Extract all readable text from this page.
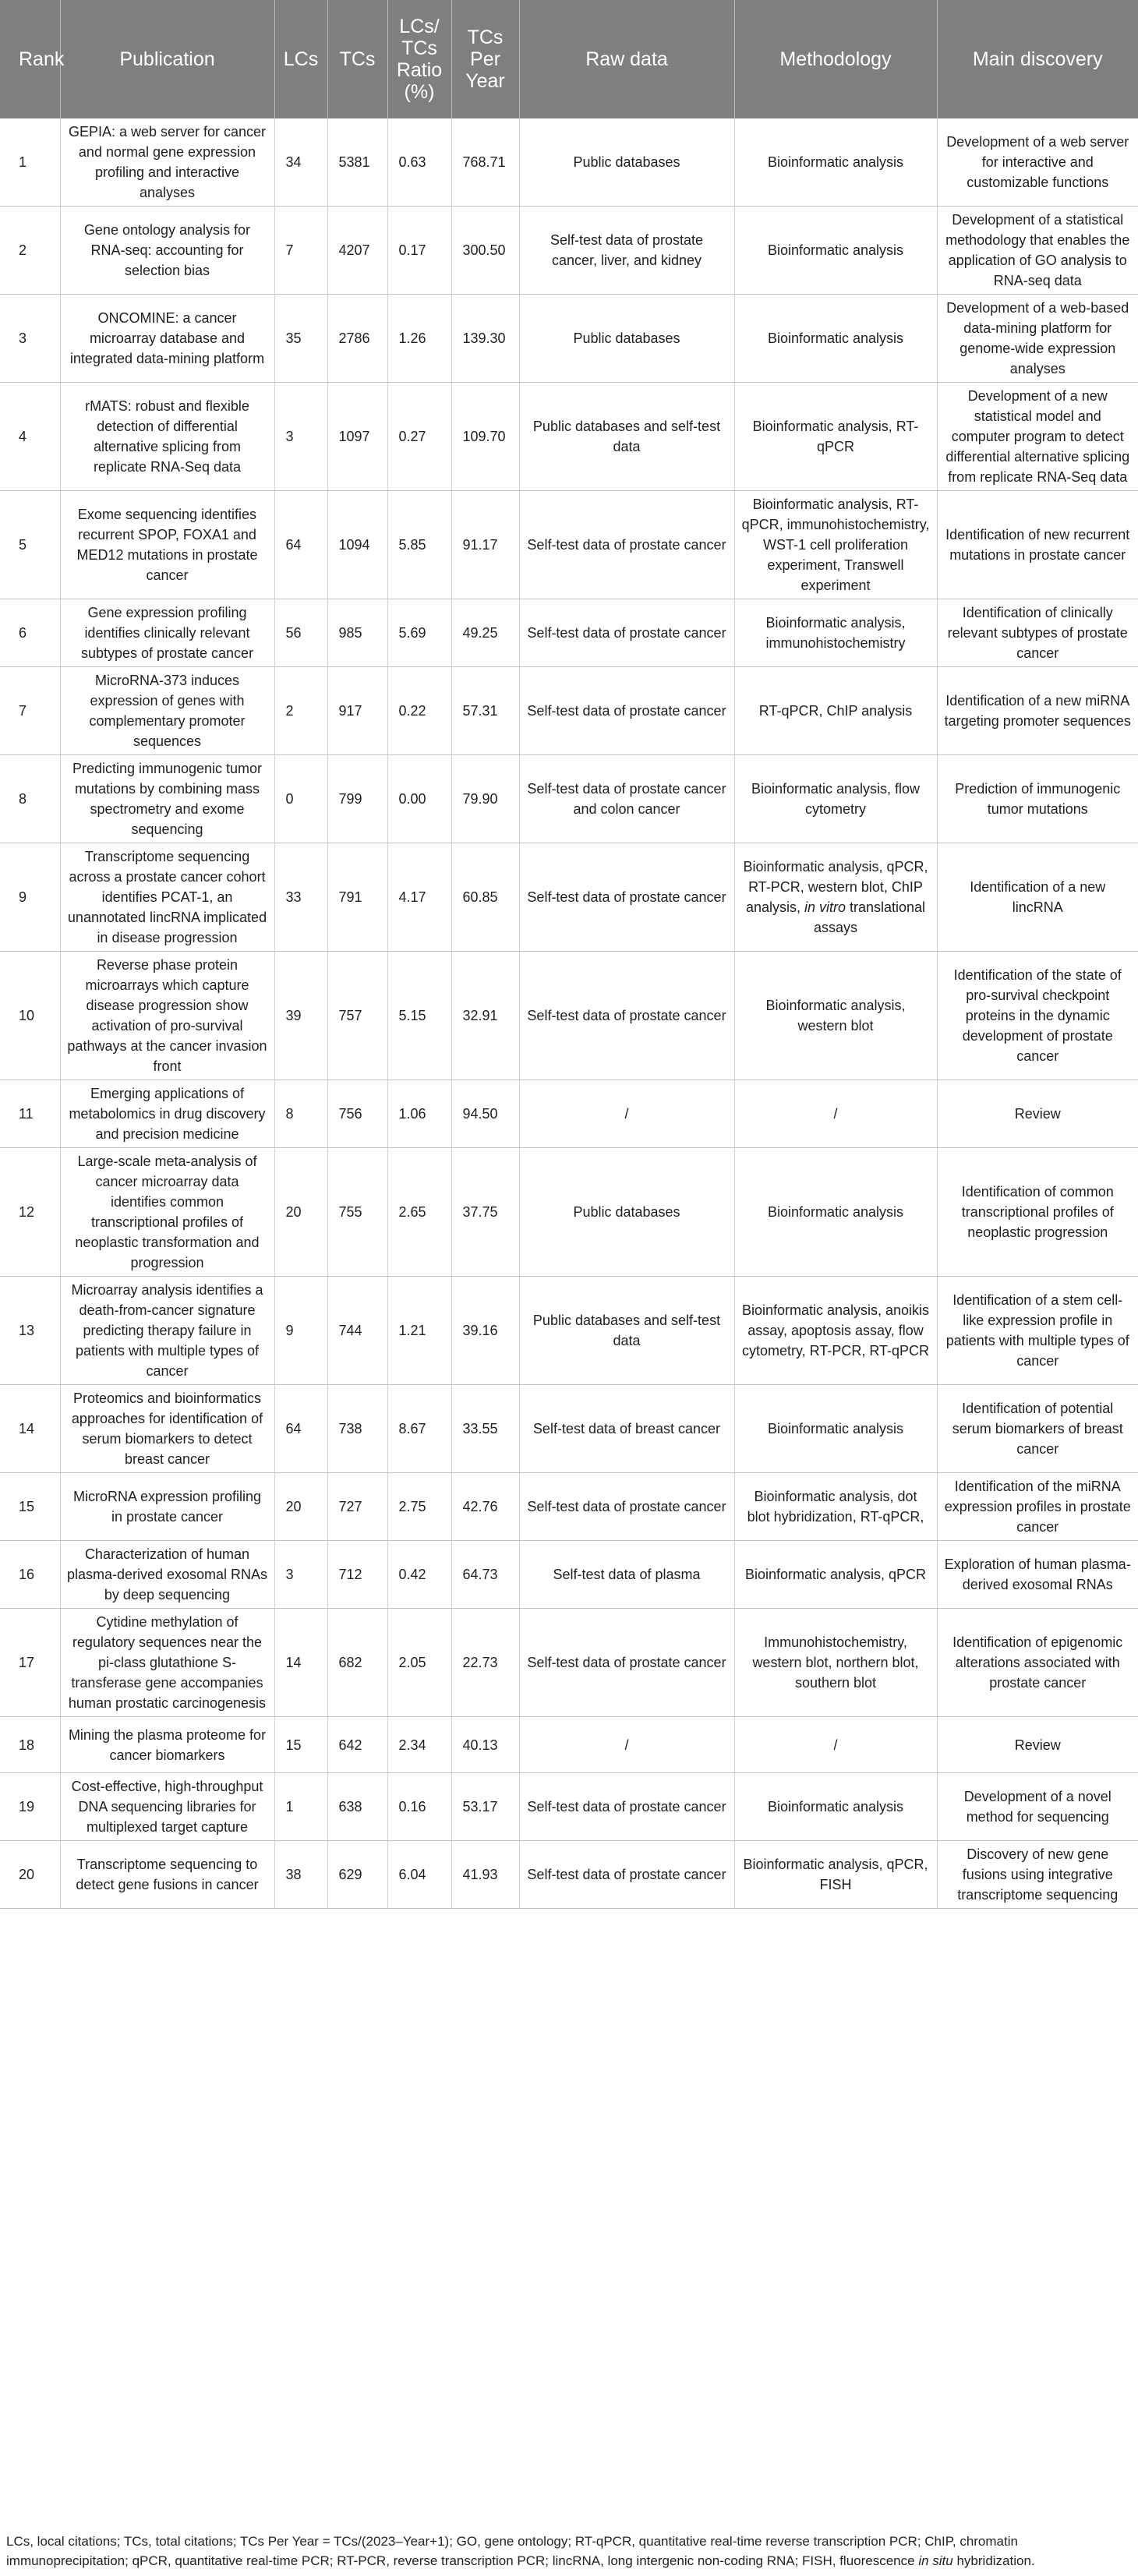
Rank	Publication	LCs	TCs	LCs/ TCs Ratio (%)	TCs Per Year	Raw data	Methodology	Main discovery
1	GEPIA: a web server for cancer and normal gene expression profiling and interactive analyses	34	5381	0.63	768.71	Public databases	Bioinformatic analysis	Development of a web server for interactive and customizable functions
2	Gene ontology analysis for RNA-seq: accounting for selection bias	7	4207	0.17	300.50	Self-test data of prostate cancer, liver, and kidney	Bioinformatic analysis	Development of a statistical methodology that enables the application of GO analysis to RNA-seq data
3	ONCOMINE: a cancer microarray database and integrated data-mining platform	35	2786	1.26	139.30	Public databases	Bioinformatic analysis	Development of a web-based data-mining platform for genome-wide expression analyses
4	rMATS: robust and flexible detection of differential alternative splicing from replicate RNA-Seq data	3	1097	0.27	109.70	Public databases and self-test data	Bioinformatic analysis, RT-qPCR	Development of a new statistical model and computer program to detect differential alternative splicing from replicate RNA-Seq data
5	Exome sequencing identifies recurrent SPOP, FOXA1 and MED12 mutations in prostate cancer	64	1094	5.85	91.17	Self-test data of prostate cancer	Bioinformatic analysis, RT-qPCR, immunohistochemistry, WST-1 cell proliferation experiment, Transwell experiment	Identification of new recurrent mutations in prostate cancer
6	Gene expression profiling identifies clinically relevant subtypes of prostate cancer	56	985	5.69	49.25	Self-test data of prostate cancer	Bioinformatic analysis, immunohistochemistry	Identification of clinically relevant subtypes of prostate cancer
7	MicroRNA-373 induces expression of genes with complementary promoter sequences	2	917	0.22	57.31	Self-test data of prostate cancer	RT-qPCR, ChIP analysis	Identification of a new miRNA targeting promoter sequences
8	Predicting immunogenic tumor mutations by combining mass spectrometry and exome sequencing	0	799	0.00	79.90	Self-test data of prostate cancer and colon cancer	Bioinformatic analysis, flow cytometry	Prediction of immunogenic tumor mutations
9	Transcriptome sequencing across a prostate cancer cohort identifies PCAT-1, an unannotated lincRNA implicated in disease progression	33	791	4.17	60.85	Self-test data of prostate cancer	Bioinformatic analysis, qPCR, RT-PCR, western blot, ChIP analysis, in vitro translational assays	Identification of a new lincRNA
10	Reverse phase protein microarrays which capture disease progression show activation of pro-survival pathways at the cancer invasion front	39	757	5.15	32.91	Self-test data of prostate cancer	Bioinformatic analysis, western blot	Identification of the state of pro-survival checkpoint proteins in the dynamic development of prostate cancer
11	Emerging applications of metabolomics in drug discovery and precision medicine	8	756	1.06	94.50	/	/	Review
12	Large-scale meta-analysis of cancer microarray data identifies common transcriptional profiles of neoplastic transformation and progression	20	755	2.65	37.75	Public databases	Bioinformatic analysis	Identification of common transcriptional profiles of neoplastic progression
13	Microarray analysis identifies a death-from-cancer signature predicting therapy failure in patients with multiple types of cancer	9	744	1.21	39.16	Public databases and self-test data	Bioinformatic analysis, anoikis assay, apoptosis assay, flow cytometry, RT-PCR, RT-qPCR	Identification of a stem cell-like expression profile in patients with multiple types of cancer
14	Proteomics and bioinformatics approaches for identification of serum biomarkers to detect breast cancer	64	738	8.67	33.55	Self-test data of breast cancer	Bioinformatic analysis	Identification of potential serum biomarkers of breast cancer
15	MicroRNA expression profiling in prostate cancer	20	727	2.75	42.76	Self-test data of prostate cancer	Bioinformatic analysis, dot blot hybridization, RT-qPCR,	Identification of the miRNA expression profiles in prostate cancer
16	Characterization of human plasma-derived exosomal RNAs by deep sequencing	3	712	0.42	64.73	Self-test data of plasma	Bioinformatic analysis, qPCR	Exploration of human plasma-derived exosomal RNAs
17	Cytidine methylation of regulatory sequences near the pi-class glutathione S-transferase gene accompanies human prostatic carcinogenesis	14	682	2.05	22.73	Self-test data of prostate cancer	Immunohistochemistry, western blot, northern blot, southern blot	Identification of epigenomic alterations associated with prostate cancer
18	Mining the plasma proteome for cancer biomarkers	15	642	2.34	40.13	/	/	Review
19	Cost-effective, high-throughput DNA sequencing libraries for multiplexed target capture	1	638	0.16	53.17	Self-test data of prostate cancer	Bioinformatic analysis	Development of a novel method for sequencing
20	Transcriptome sequencing to detect gene fusions in cancer	38	629	6.04	41.93	Self-test data of prostate cancer	Bioinformatic analysis, qPCR, FISH	Discovery of new gene fusions using integrative transcriptome sequencing
LCs, local citations; TCs, total citations; TCs Per Year = TCs/(2023–Year+1); GO, gene ontology; RT-qPCR, quantitative real-time reverse transcription PCR; ChIP, chromatin immunoprecipitation; qPCR, quantitative real-time PCR; RT-PCR, reverse transcription PCR; lincRNA, long intergenic non-coding RNA; FISH, fluorescence in situ hybridization.
